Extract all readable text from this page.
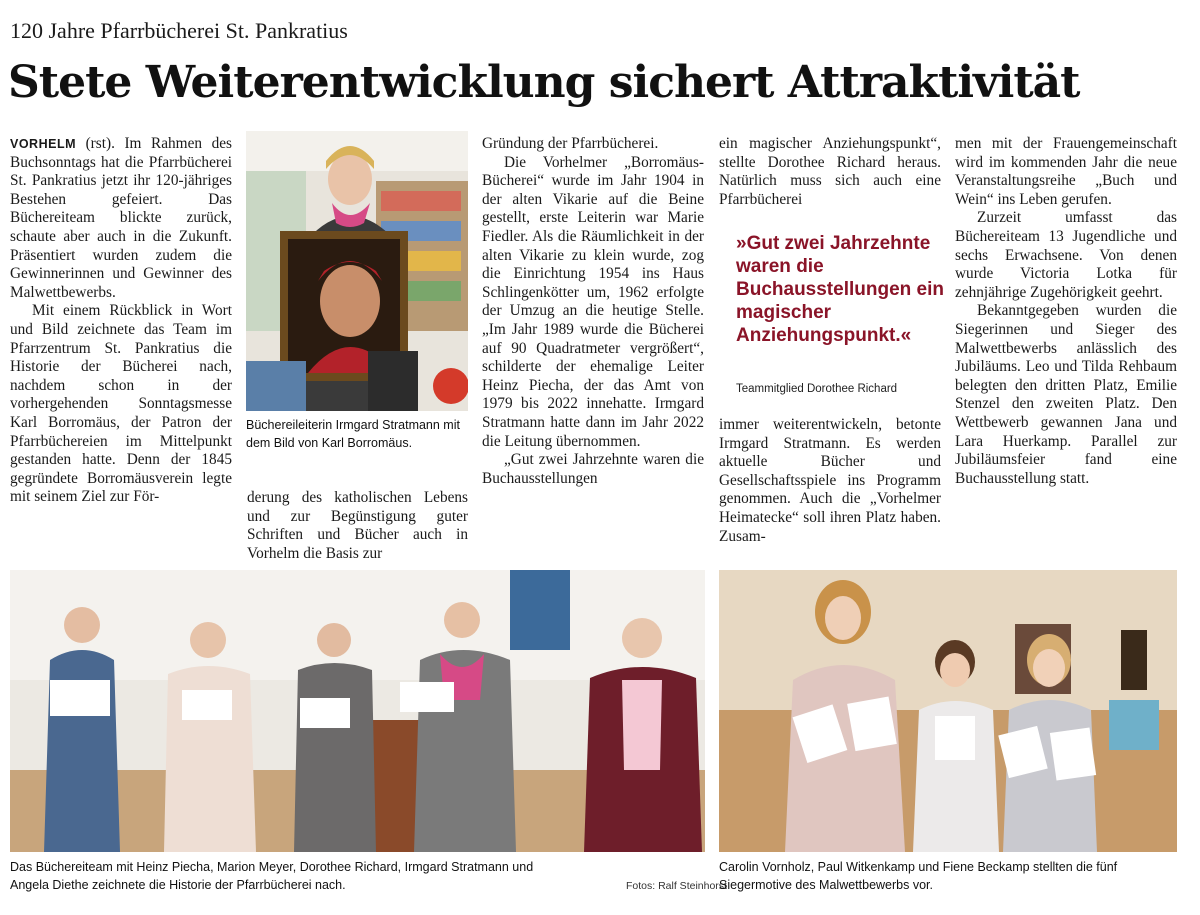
120 Jahre Pfarrbücherei St. Pankratius
Stete Weiterentwicklung sichert Attraktivität

VORHELM (rst). Im Rahmen des Buchsonntags hat die Pfarrbücherei St. Pankratius jetzt ihr 120-jähriges Bestehen gefeiert. Das Büchereiteam blickte zurück, schaute aber auch in die Zukunft. Präsentiert wurden zudem die Gewinnerinnen und Gewinner des Malwettbewerbs.

Mit einem Rückblick in Wort und Bild zeichnete das Team im Pfarrzentrum St. Pankratius die Historie der Bücherei nach, nachdem schon in der vorhergehenden Sonntagsmesse Karl Borromäus, der Patron der Pfarrbüchereien im Mittelpunkt gestanden hatte. Denn der 1845 gegründete Borromäusverein legte mit seinem Ziel zur För-

Büchereileiterin Irmgard Stratmann mit dem Bild von Karl Borromäus.

derung des katholischen Lebens und zur Begünstigung guter Schriften und Bücher auch in Vorhelm die Basis zur

Gründung der Pfarrbücherei.

Die Vorhelmer „Borromäus-Bücherei“ wurde im Jahr 1904 in der alten Vikarie auf die Beine gestellt, erste Leiterin war Marie Fiedler. Als die Räumlichkeit in der alten Vikarie zu klein wurde, zog die Einrichtung 1954 ins Haus Schlingenkötter um, 1962 erfolgte der Umzug an die heutige Stelle. „Im Jahr 1989 wurde die Bücherei auf 90 Quadratmeter vergrößert“, schilderte der ehemalige Leiter Heinz Piecha, der das Amt von 1979 bis 2022 innehatte. Irmgard Stratmann hatte dann im Jahr 2022 die Leitung übernommen.

„Gut zwei Jahrzehnte waren die Buchausstellungen

ein magischer Anziehungspunkt“, stellte Dorothee Richard heraus. Natürlich muss sich auch eine Pfarrbücherei

»Gut zwei Jahrzehnte waren die Buchausstellungen ein magischer Anziehungspunkt.«
Teammitglied Dorothee Richard

immer weiterentwickeln, betonte Irmgard Stratmann. Es werden aktuelle Bücher und Gesellschaftsspiele ins Programm genommen. Auch die „Vorhelmer Heimatecke“ soll ihren Platz haben. Zusam-

men mit der Frauengemeinschaft wird im kommenden Jahr die neue Veranstaltungsreihe „Buch und Wein“ ins Leben gerufen.

Zurzeit umfasst das Büchereiteam 13 Jugendliche und sechs Erwachsene. Von denen wurde Victoria Lotka für zehnjährige Zugehörigkeit geehrt.

Bekanntgegeben wurden die Siegerinnen und Sieger des Malwettbewerbs anlässlich des Jubiläums. Leo und Tilda Rehbaum belegten den dritten Platz, Emilie Stenzel den zweiten Platz. Den Wettbewerb gewannen Jana und Lara Huerkamp. Parallel zur Jubiläumsfeier fand eine Buchausstellung statt.

Das Büchereiteam mit Heinz Piecha, Marion Meyer, Dorothee Richard, Irmgard Stratmann und Angela Diethe zeichnete die Historie der Pfarrbücherei nach.	Fotos: Ralf Steinhorst
Carolin Vornholz, Paul Witkenkamp und Fiene Beckamp stellten die fünf Siegermotive des Malwettbewerbs vor.
